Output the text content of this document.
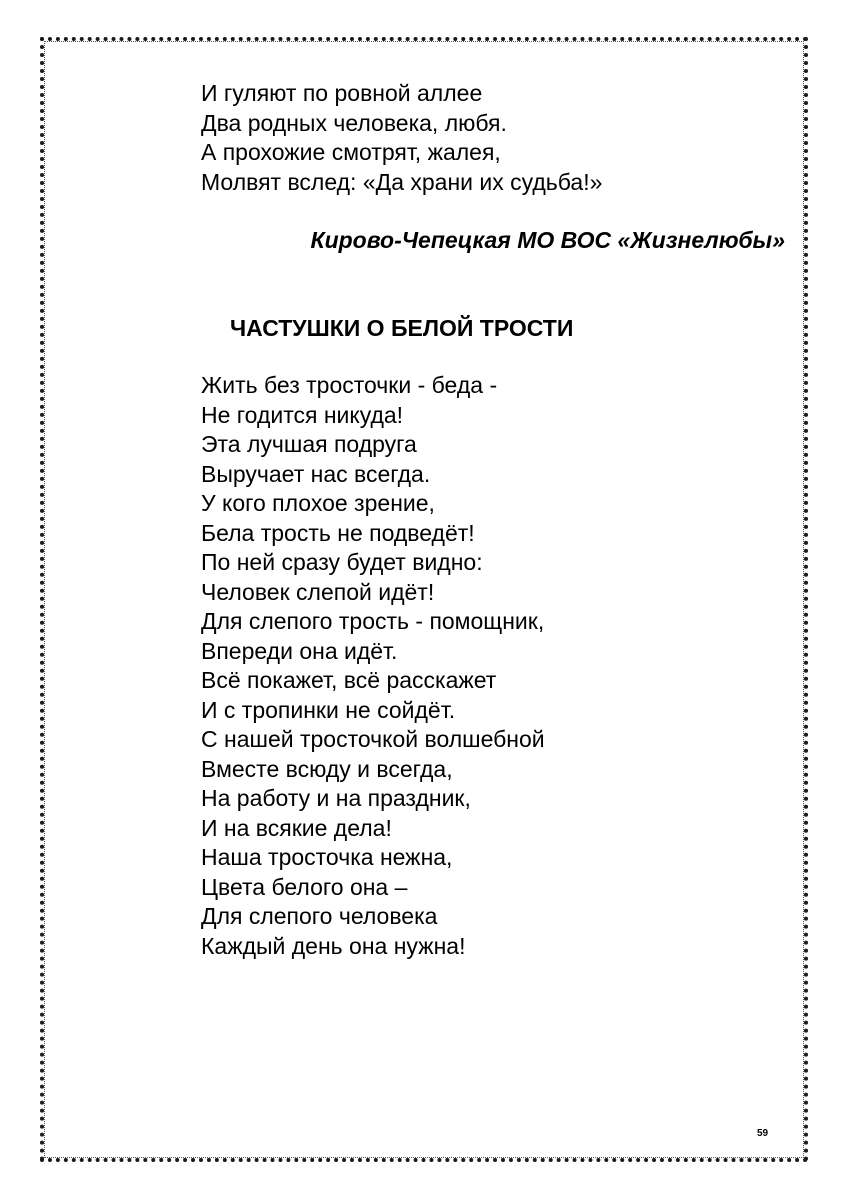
И гуляют по ровной аллее
Два родных человека, любя.
А прохожие смотрят, жалея,
Молвят вслед: «Да храни их судьба!»
Кирово-Чепецкая МО ВОС «Жизнелюбы»
ЧАСТУШКИ О БЕЛОЙ ТРОСТИ
Жить без тросточки - беда -
Не годится никуда!
Эта лучшая подруга
Выручает нас всегда.
У кого плохое зрение,
Бела трость не подведёт!
По ней сразу будет видно:
Человек слепой идёт!
Для слепого трость - помощник,
Впереди она идёт.
Всё покажет, всё расскажет
И с тропинки не сойдёт.
С нашей тросточкой волшебной
Вместе всюду и всегда,
На работу и на праздник,
И на всякие дела!
Наша тросточка нежна,
Цвета белого она –
Для слепого человека
Каждый день она нужна!
59
